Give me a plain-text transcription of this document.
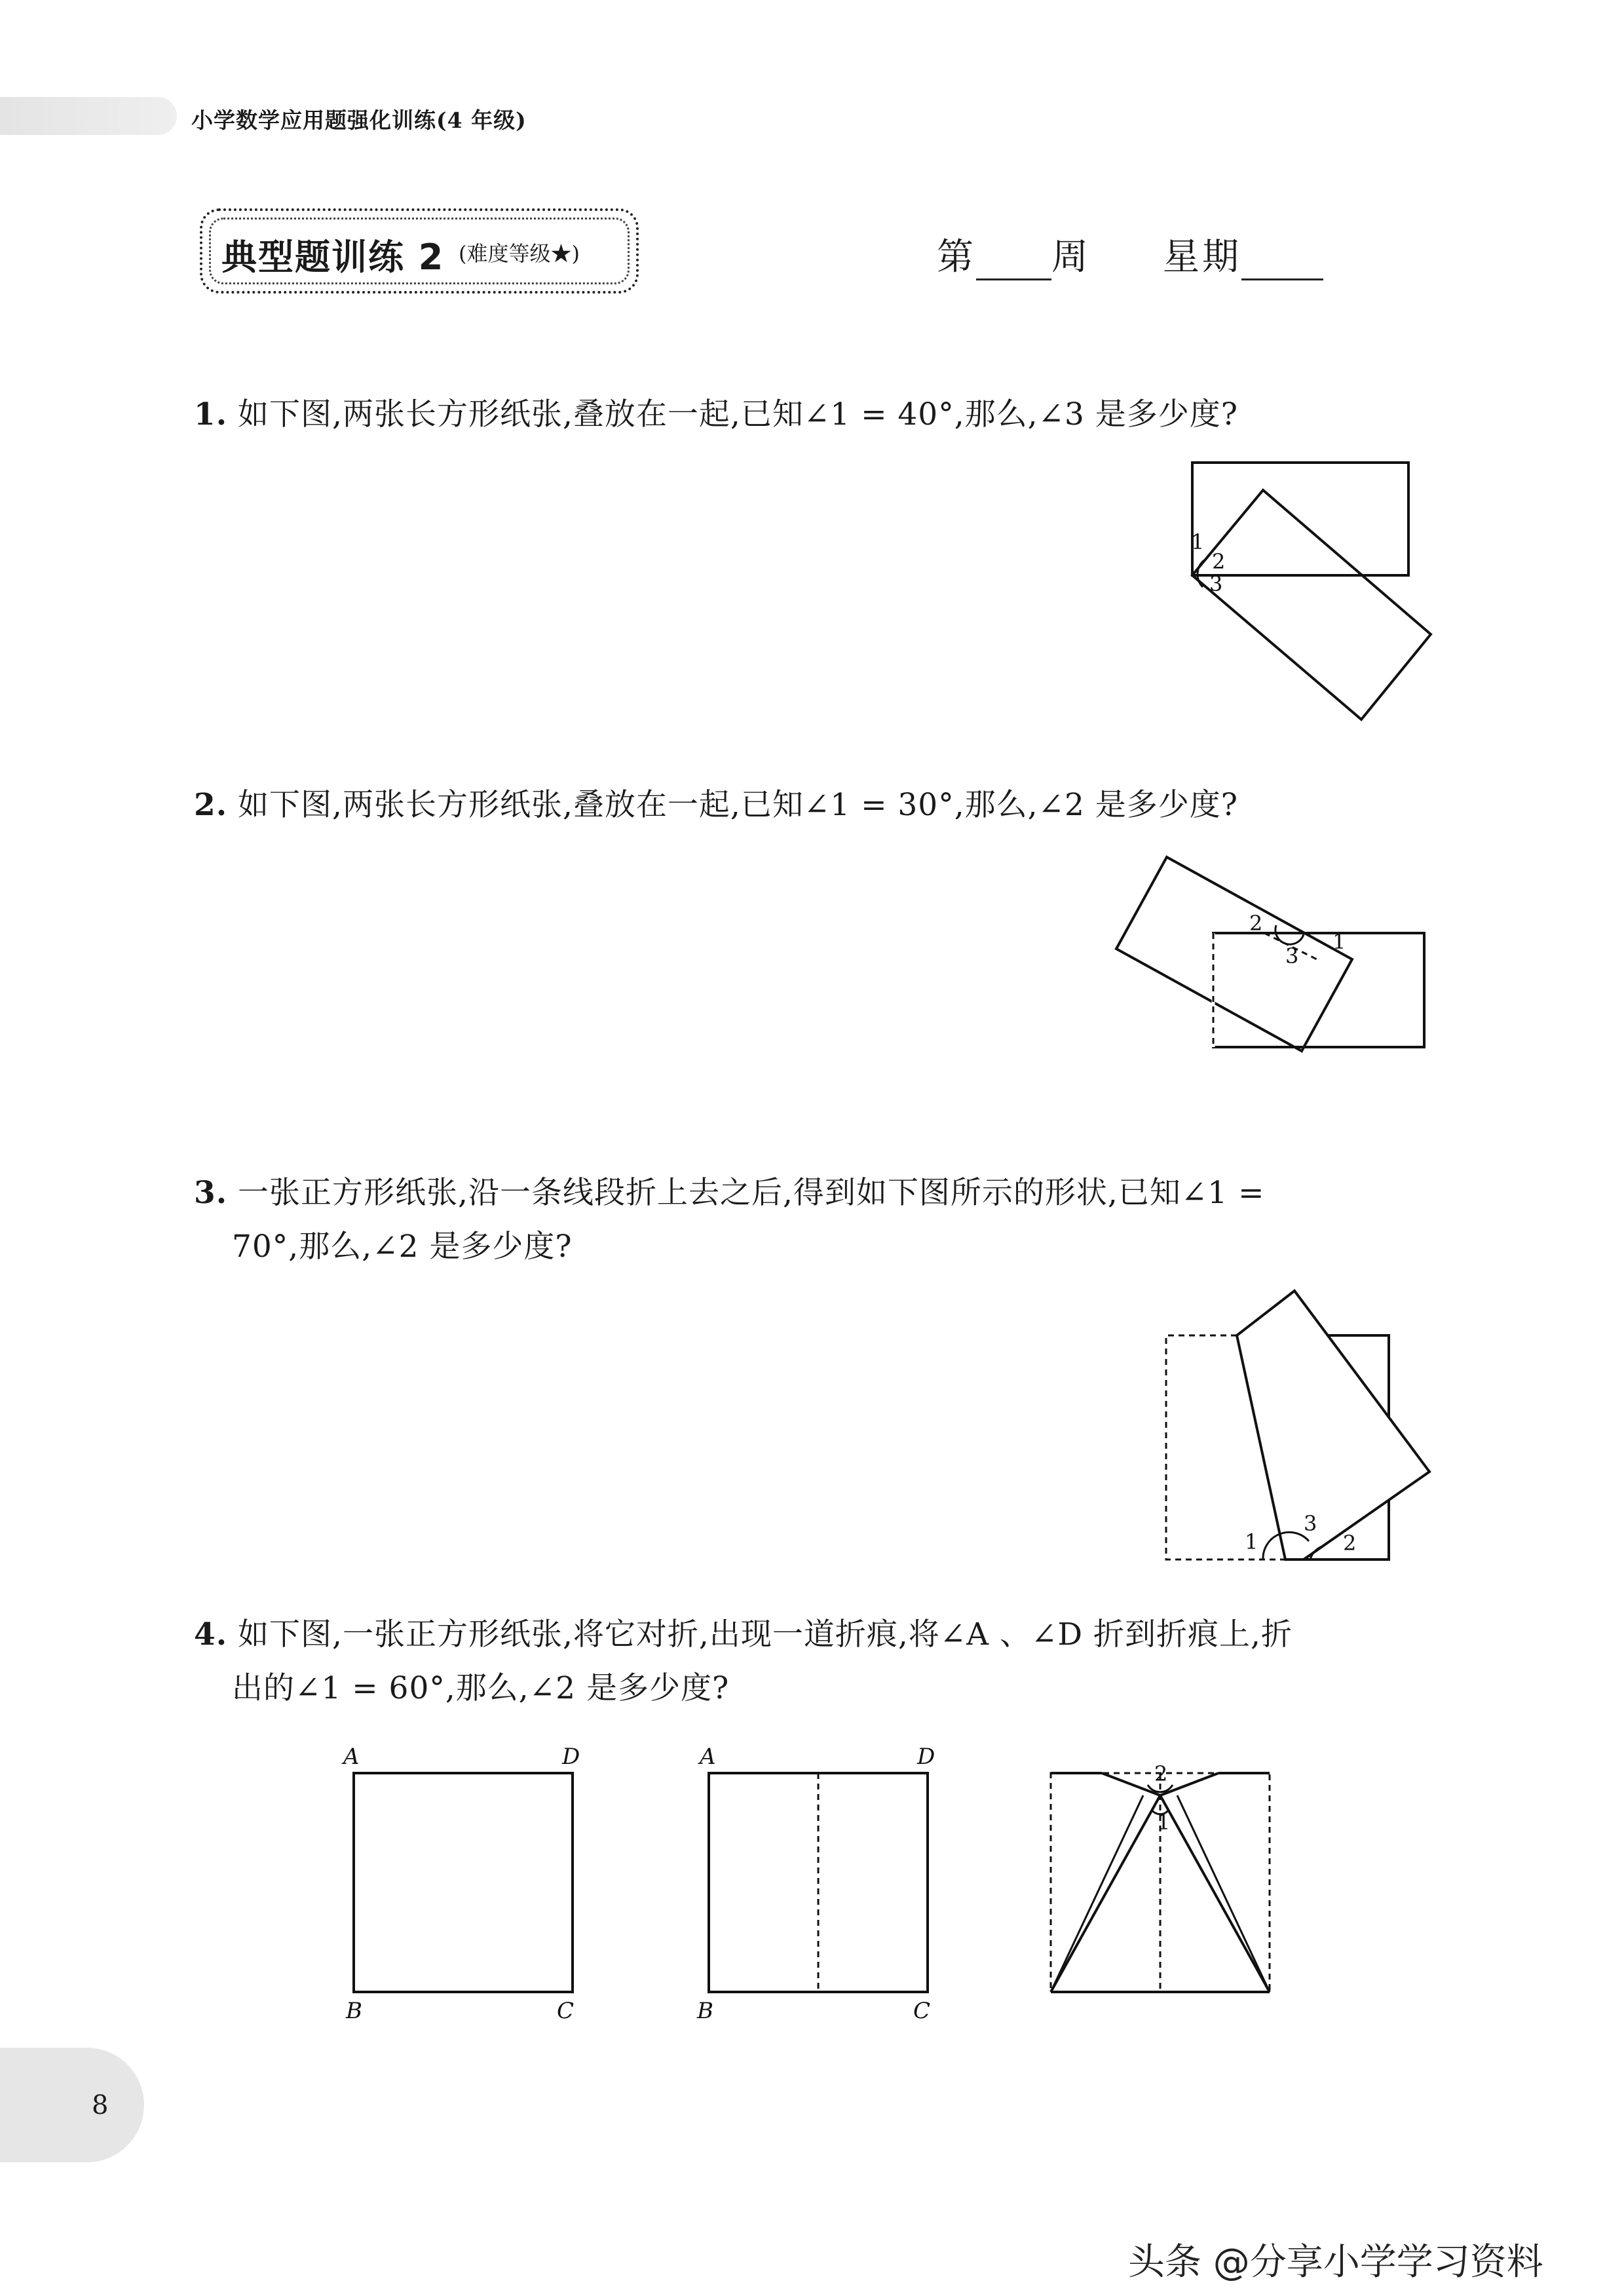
小学数学应用题强化训练(4 年级)
典型题训练 2 (难度等级★)	第 周 星期
1. 如下图,两张长方形纸张,叠放在一起,已知∠1 = 40°,那么,∠3 是多少度?
1
2
3
2. 如下图,两张长方形纸张,叠放在一起,已知∠1 = 30°,那么,∠2 是多少度?
2
1
3
3. 一张正方形纸张,沿一条线段折上去之后,得到如下图所示的形状,已知∠1 =
70°,那么,∠2 是多少度?
1
3
2
4. 如下图,一张正方形纸张,将它对折,出现一道折痕,将∠A 、∠D 折到折痕上,折
出的∠1 = 60°,那么,∠2 是多少度?
A	D
B	C
A	D
B	C
2
1
8
头条 @分享小学学习资料
